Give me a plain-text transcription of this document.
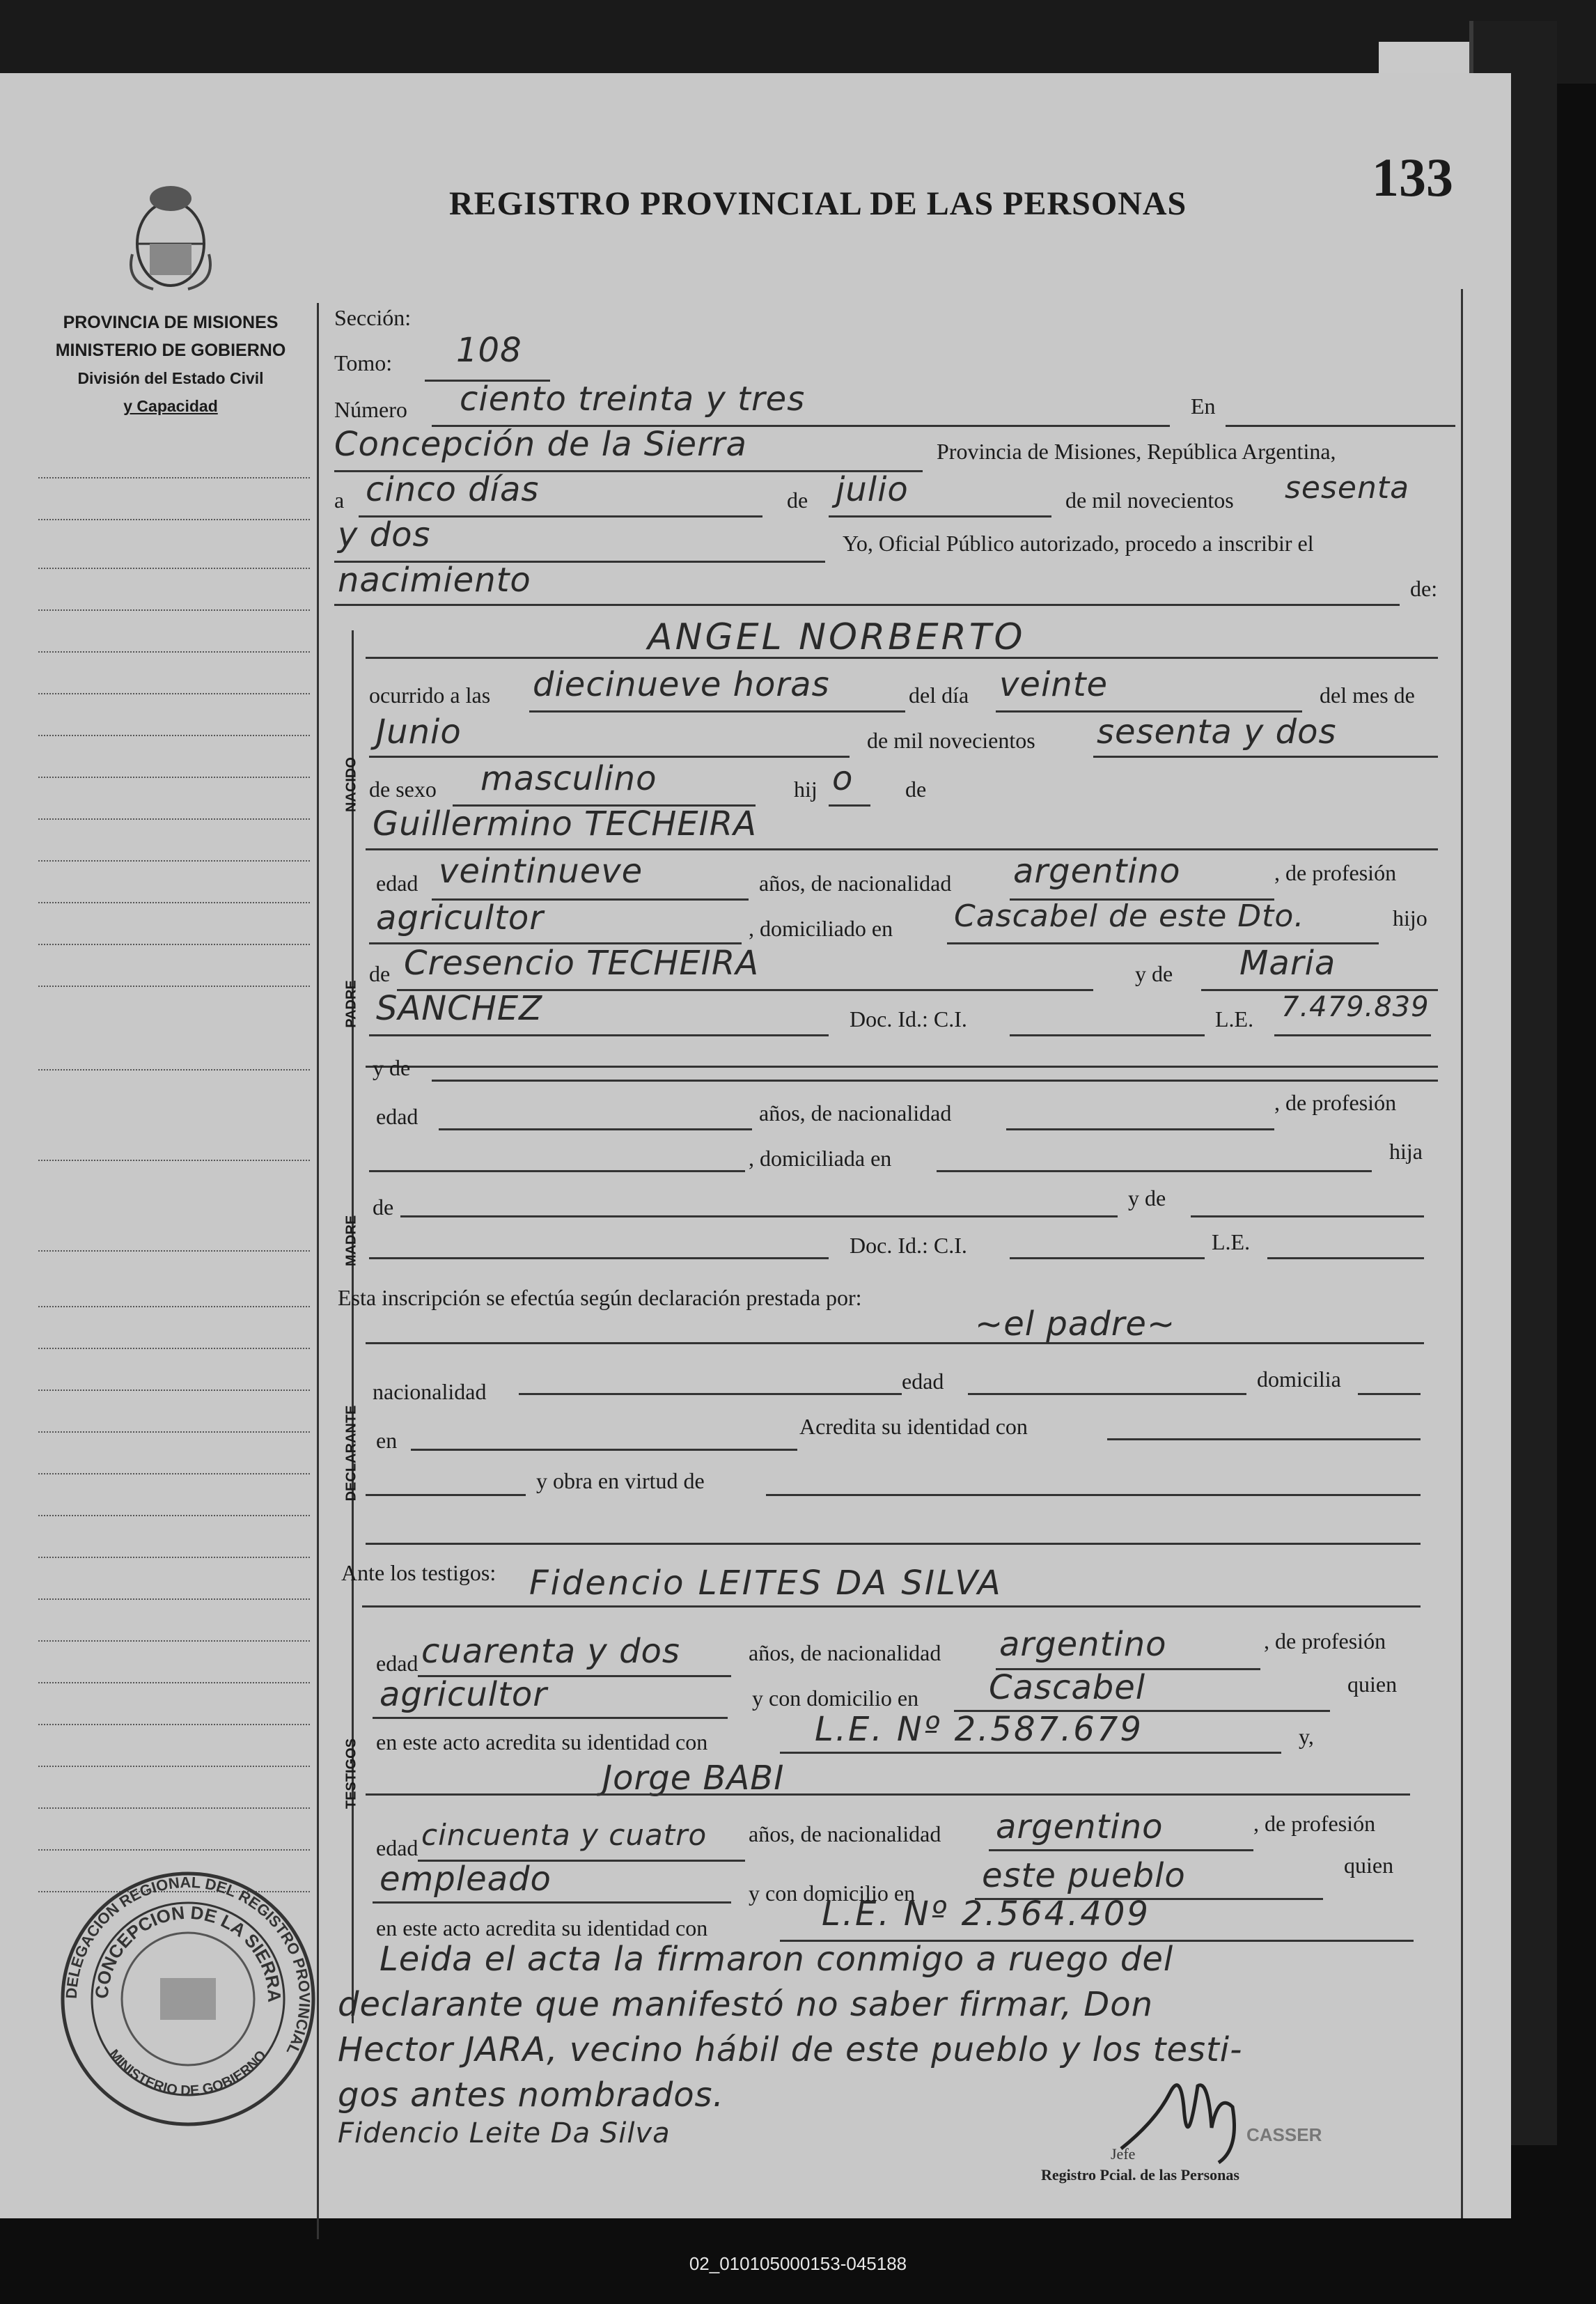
REGISTRO PROVINCIAL DE LAS PERSONAS	133
PROVINCIA DE MISIONES
MINISTERIO DE GOBIERNO
División del Estado Civil
y Capacidad
Sección:
Tomo: 108
Número ciento treinta y tres	En
Concepción de la Sierra	Provincia de Misiones, República Argentina,
a cinco días	de julio	de mil novecientos sesenta
y dos	Yo, Oficial Público autorizado, procedo a inscribir el
nacimiento	de:
NACIDO
ANGEL NORBERTO
ocurrido a las diecinueve horas	del día veinte	del mes de
Junio	de mil novecientos sesenta y dos
de sexo masculino	hij o de
PADRE
Guillermino TECHEIRA
edad veintinueve	años, de nacionalidad argentino	, de profesión
agricultor	, domiciliado en Cascabel de este Dto.	hijo
de Cresencio TECHEIRA	y de Maria
SANCHEZ	Doc. Id.: C.I.	L.E. 7.479.839
MADRE
y de
edad	años, de nacionalidad	, de profesión
, domiciliada en	hija
de	y de
Doc. Id.: C.I.	L.E.
Esta inscripción se efectúa según declaración prestada por:
DECLARANTE
~el padre~
nacionalidad	edad	domicilia
en
Acredita su identidad con
y obra en virtud de
Ante los testigos:
TESTIGOS
Fidencio LEITES DA SILVA
edad cuarenta y dos	años, de nacionalidad argentino	, de profesión
agricultor	y con domicilio en Cascabel	quien
en este acto acredita su identidad con	L.E. Nº 2.587.679	y,
Jorge BABI
edad cincuenta y cuatro años, de nacionalidad argentino	, de profesión
empleado	y con domicilio en este pueblo	quien
en este acto acredita su identidad con	L.E. Nº 2.564.409
Leida el acta la firmaron conmigo a ruego del
declarante que manifestó no saber firmar, Don
Hector JARA, vecino hábil de este pueblo y los testi-
gos antes nombrados.
Fidencio Leite Da Silva	CASSER
Jefe
Registro Pcial. de las Personas
DELEGACION REGIONAL DEL REGISTRO PROVINCIAL
CONCEPCION DE LA SIERRA
MINISTERIO DE GOBIERNO
02_010105000153-045188
